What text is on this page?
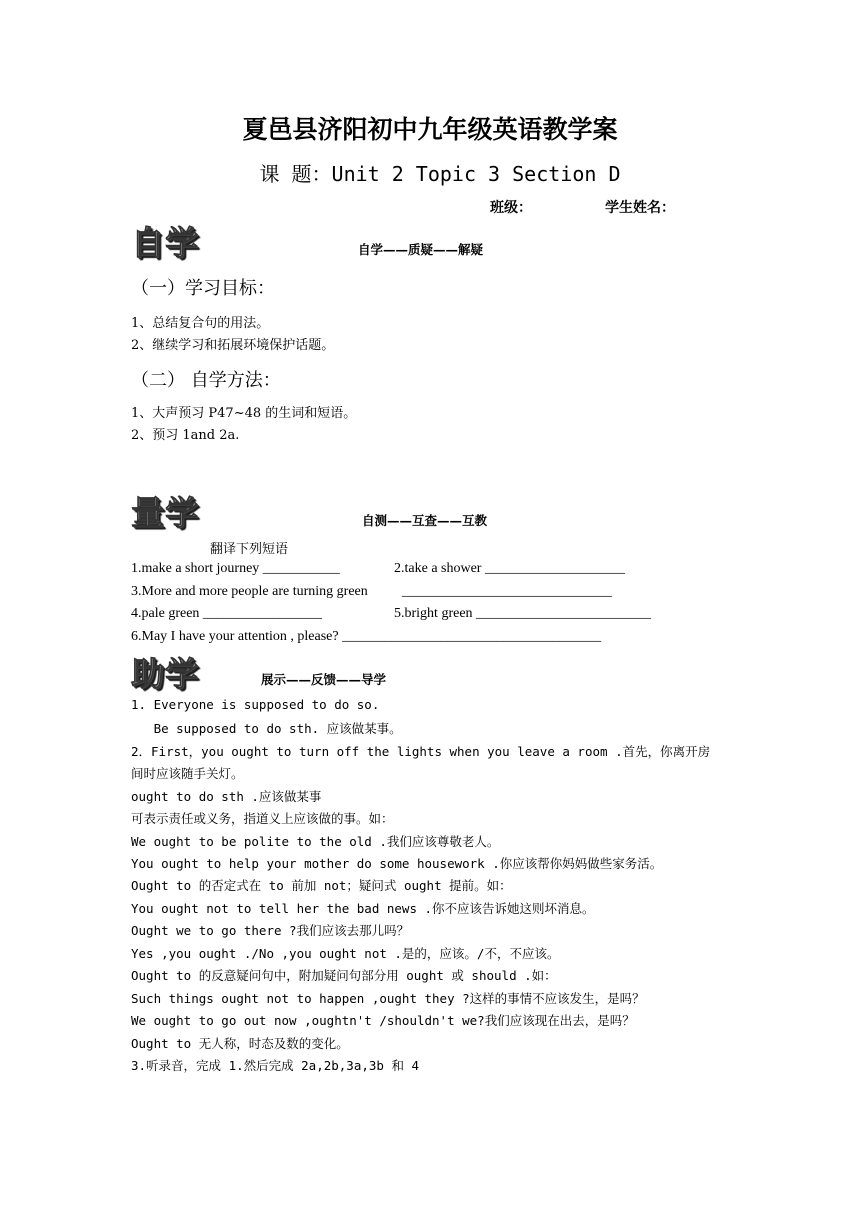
夏邑县济阳初中九年级英语教学案
课 题：Unit 2 Topic 3 Section D
班级：	学生姓名：
自学	自学——质疑——解疑
（一）学习目标：
1、总结复合句的用法。
2、继续学习和拓展环境保护话题。
（二） 自学方法：
1、大声预习 P47~48 的生词和短语。
2、预习 1and 2a.
量学	自测——互查——互教
翻译下列短语
1.make a short journey ___________	2.take a shower ____________________
3.More and more people are turning green ______________________________
4.pale green _________________	5.bright green _________________________
6.May I have your attention , please? _____________________________________
助学	展示——反馈——导学
1. Everyone is supposed to do so.
Be supposed to do sth. 应该做某事。
2．First，you ought to turn off the lights when you leave a room .首先，你离开房
间时应该随手关灯。
ought to do sth .应该做某事
可表示责任或义务，指道义上应该做的事。如：
We ought to be polite to the old .我们应该尊敬老人。
You ought to help your mother do some housework .你应该帮你妈妈做些家务活。
Ought to 的否定式在 to 前加 not；疑问式 ought 提前。如：
You ought not to tell her the bad news .你不应该告诉她这则坏消息。
Ought we to go there ?我们应该去那儿吗？
Yes ,you ought ./No ,you ought not .是的，应该。/不，不应该。
Ought to 的反意疑问句中，附加疑问句部分用 ought 或 should .如：
Such things ought not to happen ,ought they ?这样的事情不应该发生，是吗？
We ought to go out now ,oughtn't /shouldn't we?我们应该现在出去，是吗？
Ought to 无人称，时态及数的变化。
3.听录音，完成 1.然后完成 2a,2b,3a,3b 和 4
